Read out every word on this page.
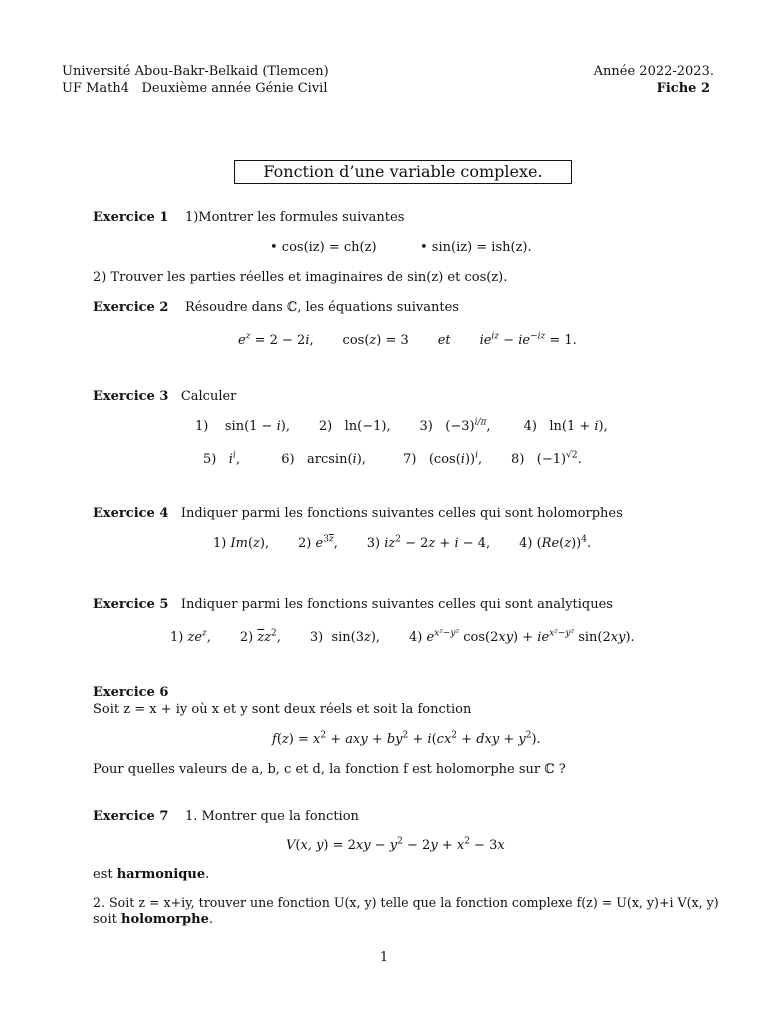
Université Abou-Bakr-Belkaid (Tlemcen)
UF Math4 Deuxième année Génie Civil
Année 2022-2023.
Fiche 2
Fonction d’une variable complexe.
Exercice 1 1)Montrer les formules suivantes
• cos(iz) = ch(z)	• sin(iz) = ish(z).
2) Trouver les parties réelles et imaginaires de sin(z) et cos(z).
Exercice 2 Résoudre dans ℂ, les équations suivantes
$e^z = 2 - 2i$,       cos(z) = 3       et $ie^{iz} - ie^{-iz} = 1$.
Exercice 3 Calculer
1)    sin(1 − i),       2)   ln(−1),       3)   $(-3)^{i/\pi}$,        4)   ln(1 + i),
5)   $i^i$,          6)   arcsin(i),         7)   $(\cos(i))^i$,       8)   $(-1)^{√2}$.
Exercice 4 Indiquer parmi les fonctions suivantes celles qui sont holomorphes
1) Im(z),       2) $e^{3\overline{z}}$,       3) $iz^2 - 2z + i - 4$,       4) $(Re(z))^4$.
Exercice 5 Indiquer parmi les fonctions suivantes celles qui sont analytiques
1) $ze^z$,       2) $\overline{z}z^2$,       3)  sin(3z),       4) $e^{x^2-y^2}$ $\cos(2xy) + ie^{x^2-y^2}$ sin(2xy).
Exercice 6
Soit z = x + iy où x et y sont deux réels et soit la fonction
$f(z) = x^2$ + axy + $by^2 + i(cx^2$ + dxy + $y^2$).
Pour quelles valeurs de a, b, c et d, la fonction f est holomorphe sur ℂ ?
Exercice 7 1. Montrer que la fonction
V(x, $y) = 2xy - y^2 - 2y + x^2 - 3x$
est harmonique.
2. Soit z = x+iy, trouver une fonction U(x, y) telle que la fonction complexe f(z) = U(x, y)+i V(x, y)
soit holomorphe.
1
